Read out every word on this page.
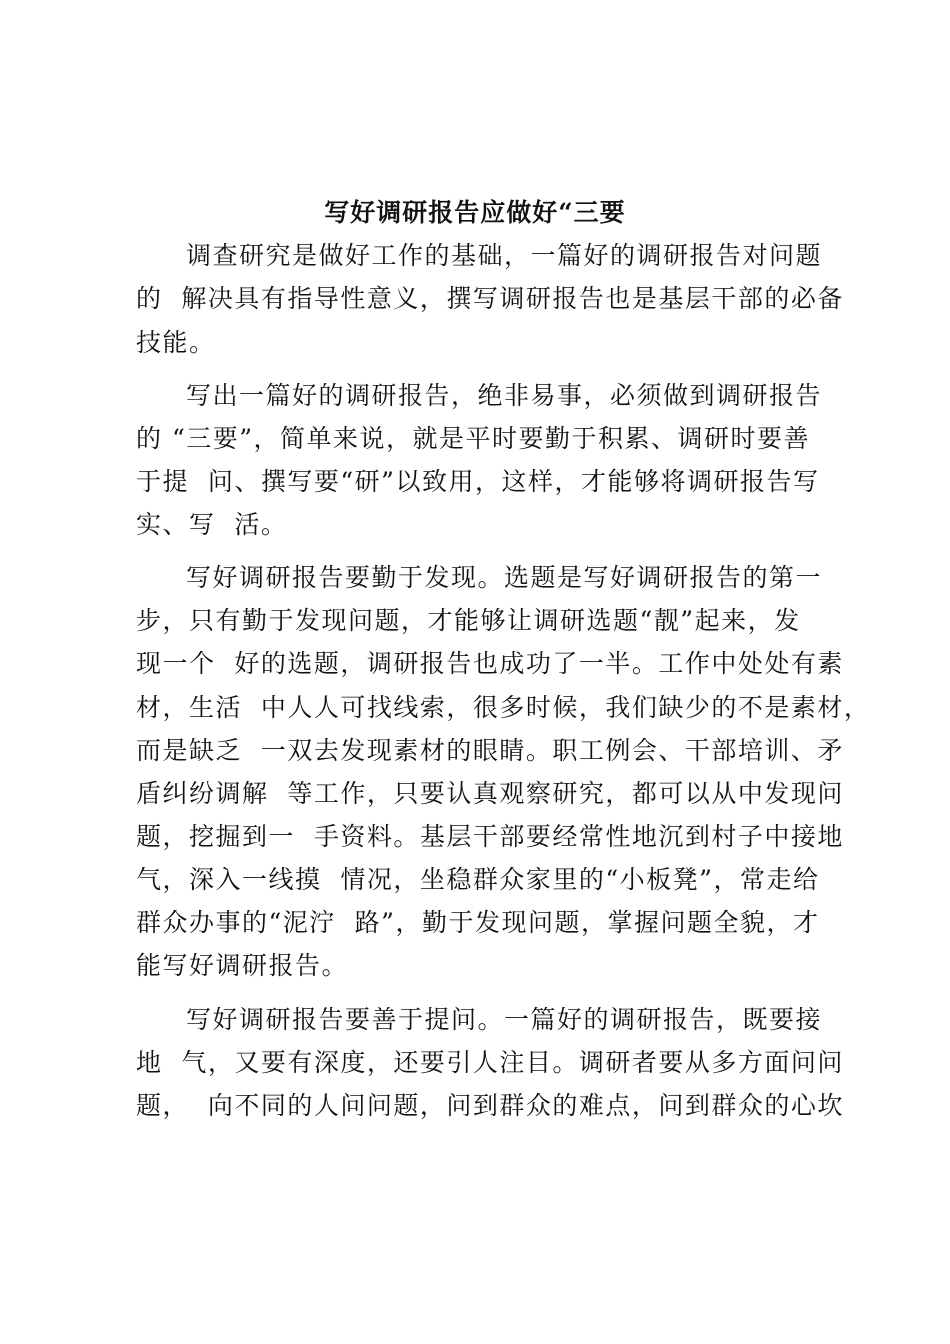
写好调研报告应做好“三要
调查研究是做好工作的基础，一篇好的调研报告对问题
的  解决具有指导性意义，撰写调研报告也是基层干部的必备
技能。
写出一篇好的调研报告，绝非易事，必须做到调研报告
的 “三要”，简单来说，就是平时要勤于积累、调研时要善
于提  问、撰写要“研”以致用，这样，才能够将调研报告写
实、写  活。
写好调研报告要勤于发现。选题是写好调研报告的第一
步，只有勤于发现问题，才能够让调研选题“靓”起来，发
现一个  好的选题，调研报告也成功了一半。工作中处处有素
材，生活  中人人可找线索，很多时候，我们缺少的不是素材，
而是缺乏  一双去发现素材的眼睛。职工例会、干部培训、矛
盾纠纷调解  等工作，只要认真观察研究，都可以从中发现问
题，挖掘到一  手资料。基层干部要经常性地沉到村子中接地
气，深入一线摸  情况，坐稳群众家里的“小板凳”，常走给
群众办事的“泥泞  路”，勤于发现问题，掌握问题全貌，才
能写好调研报告。
写好调研报告要善于提问。一篇好的调研报告，既要接
地  气，又要有深度，还要引人注目。调研者要从多方面问问
题，  向不同的人问问题，问到群众的难点，问到群众的心坎
